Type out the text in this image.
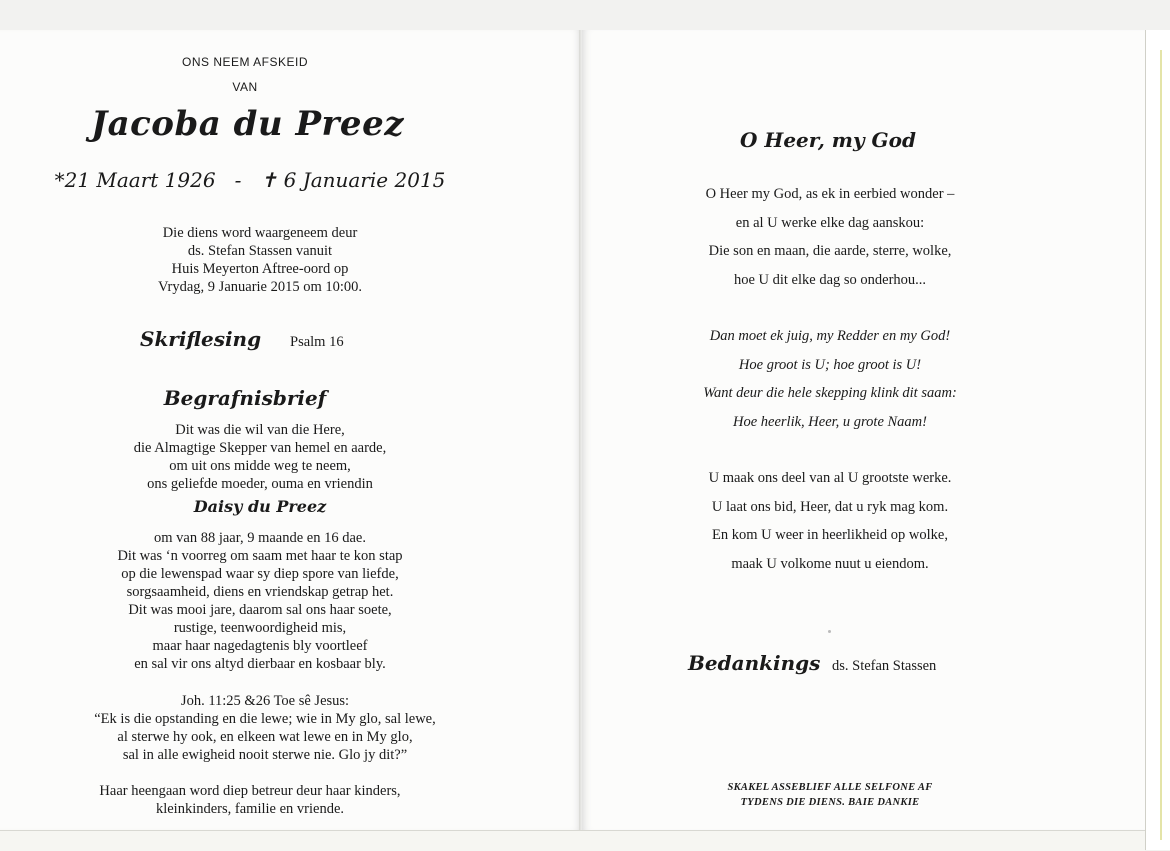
ONS NEEM AFSKEID
VAN
Jacoba du Preez
*21 Maart 1926 - ✝ 6 Januarie 2015
Die diens word waargeneem deur
ds. Stefan Stassen vanuit
Huis Meyerton Aftree-oord op
Vrydag, 9 Januarie 2015 om 10:00.
Skriflesing Psalm 16
Begrafnisbrief
Dit was die wil van die Here,
die Almagtige Skepper van hemel en aarde,
om uit ons midde weg te neem,
ons geliefde moeder, ouma en vriendin
Daisy du Preez
om van 88 jaar, 9 maande en 16 dae.
Dit was ‘n voorreg om saam met haar te kon stap
op die lewenspad waar sy diep spore van liefde,
sorgsaamheid, diens en vriendskap getrap het.
Dit was mooi jare, daarom sal ons haar soete,
rustige, teenwoordigheid mis,
maar haar nagedagtenis bly voortleef
en sal vir ons altyd dierbaar en kosbaar bly.
Joh. 11:25 &26 Toe sê Jesus:
“Ek is die opstanding en die lewe; wie in My glo, sal lewe,
al sterwe hy ook, en elkeen wat lewe en in My glo,
sal in alle ewigheid nooit sterwe nie. Glo jy dit?”
Haar heengaan word diep betreur deur haar kinders,
kleinkinders, familie en vriende.
O Heer, my God
O Heer my God, as ek in eerbied wonder –
en al U werke elke dag aanskou:
Die son en maan, die aarde, sterre, wolke,
hoe U dit elke dag so onderhou...
Dan moet ek juig, my Redder en my God!
Hoe groot is U; hoe groot is U!
Want deur die hele skepping klink dit saam:
Hoe heerlik, Heer, u grote Naam!
U maak ons deel van al U grootste werke.
U laat ons bid, Heer, dat u ryk mag kom.
En kom U weer in heerlikheid op wolke,
maak U volkome nuut u eiendom.
Bedankings ds. Stefan Stassen
SKAKEL ASSEBLIEF ALLE SELFONE AF
TYDENS DIE DIENS. BAIE DANKIE
